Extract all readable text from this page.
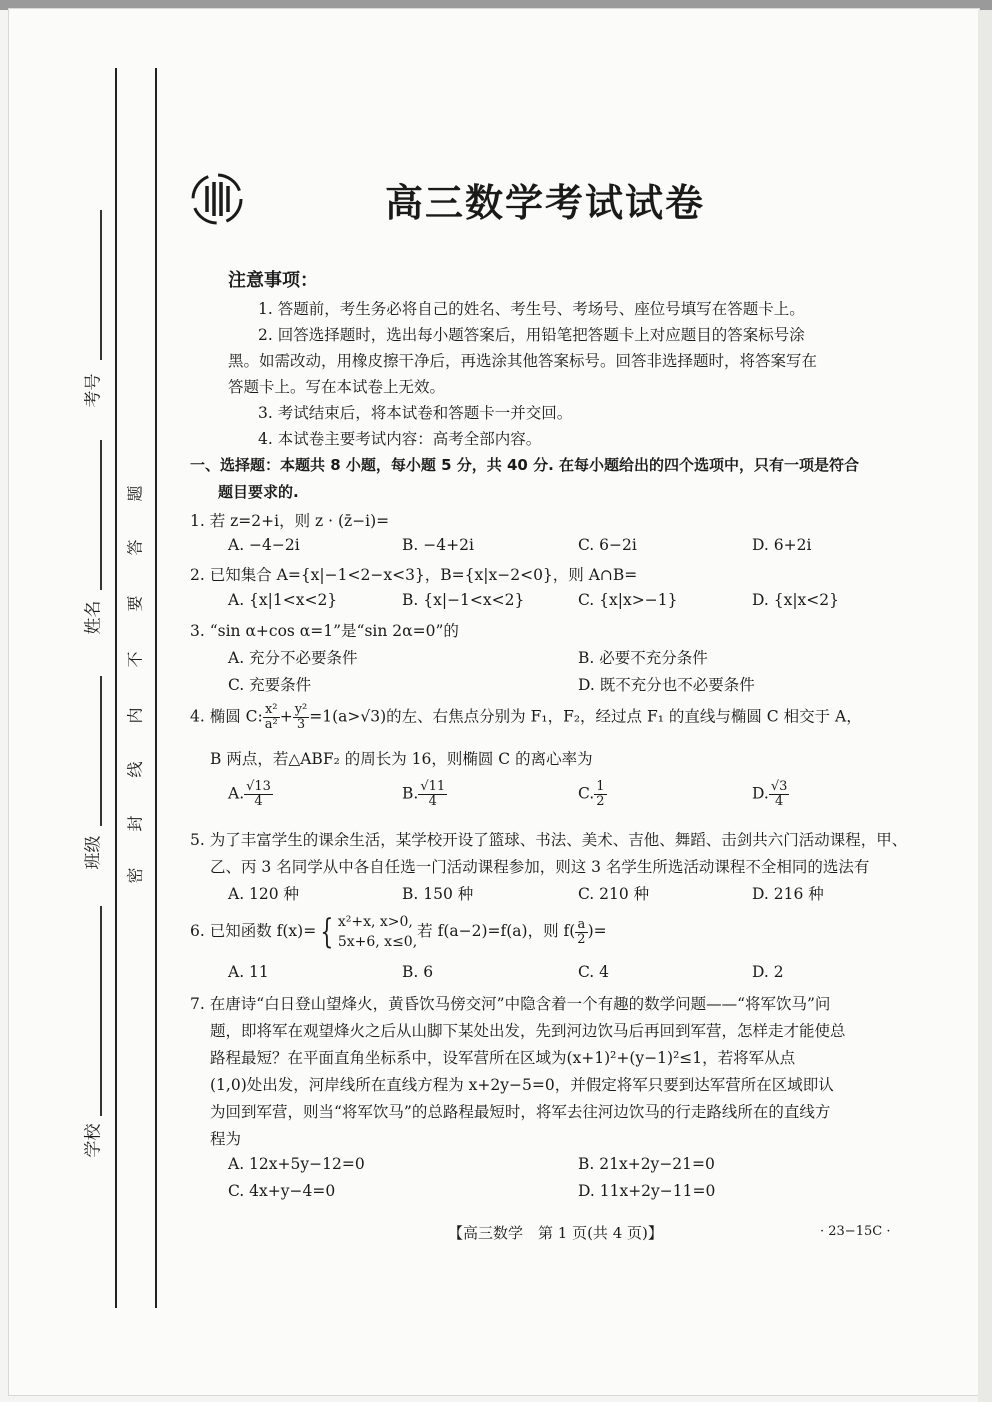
考号
姓名
班级
学校
题
答
要
不
内
线
封
密
高三数学考试试卷
注意事项：
1. 答题前，考生务必将自己的姓名、考生号、考场号、座位号填写在答题卡上。
2. 回答选择题时，选出每小题答案后，用铅笔把答题卡上对应题目的答案标号涂
黑。如需改动，用橡皮擦干净后，再选涂其他答案标号。回答非选择题时，将答案写在
答题卡上。写在本试卷上无效。
3. 考试结束后，将本试卷和答题卡一并交回。
4. 本试卷主要考试内容：高考全部内容。
一、选择题：本题共 8 小题，每小题 5 分，共 40 分. 在每小题给出的四个选项中，只有一项是符合
题目要求的.
1. 若 z=2+i，则 z · (z̄−i)=
A. −4−2i	B. −4+2i	C. 6−2i	D. 6+2i
2. 已知集合 A={x|−1<2−x<3}，B={x|x−2<0}，则 A∩B=
A. {x|1<x<2}	B. {x|−1<x<2}	C. {x|x>−1}	D. {x|x<2}
3. “sin α+cos α=1”是“sin 2α=0”的
A. 充分不必要条件	B. 必要不充分条件
C. 充要条件	D. 既不充分也不必要条件
4. 椭圆 C: $\frac{\text{x²}}{\text{a²}} + \frac{\text{y²}}{3} =1(a>√3)$的左、右焦点分别为 F₁，F₂，经过点 F₁ 的直线与椭圆 C 相交于 A，
B 两点，若△ABF₂ 的周长为 16，则椭圆 C 的离心率为
A. $\frac{√13}{4}$	B. $\frac{√11}{4}$	C. $\frac{1}{2}$	D. $\frac{√3}{4}$
5. 为了丰富学生的课余生活，某学校开设了篮球、书法、美术、吉他、舞蹈、击剑共六门活动课程，甲、
乙、丙 3 名同学从中各自任选一门活动课程参加，则这 3 名学生所选活动课程不全相同的选法有
A. 120 种	B. 150 种	C. 210 种	D. 216 种
6. 已知函数 f(x)= { x²+x, x>0,
5x+6, x≤0,
若 f(a−2)=f(a)，则 $f( \frac{a}{2}$ )=
A. 11	B. 6	C. 4	D. 2
7. 在唐诗“白日登山望烽火，黄昏饮马傍交河”中隐含着一个有趣的数学问题——“将军饮马”问
题，即将军在观望烽火之后从山脚下某处出发，先到河边饮马后再回到军营，怎样走才能使总
路程最短？在平面直角坐标系中，设军营所在区域为(x+1)²+(y−1)²≤1，若将军从点
(1,0)处出发，河岸线所在直线方程为 x+2y−5=0，并假定将军只要到达军营所在区域即认
为回到军营，则当“将军饮马”的总路程最短时，将军去往河边饮马的行走路线所在的直线方
程为
A. 12x+5y−12=0	B. 21x+2y−21=0
C. 4x+y−4=0	D. 11x+2y−11=0
【高三数学　第 1 页(共 4 页)】	· 23−15C ·
